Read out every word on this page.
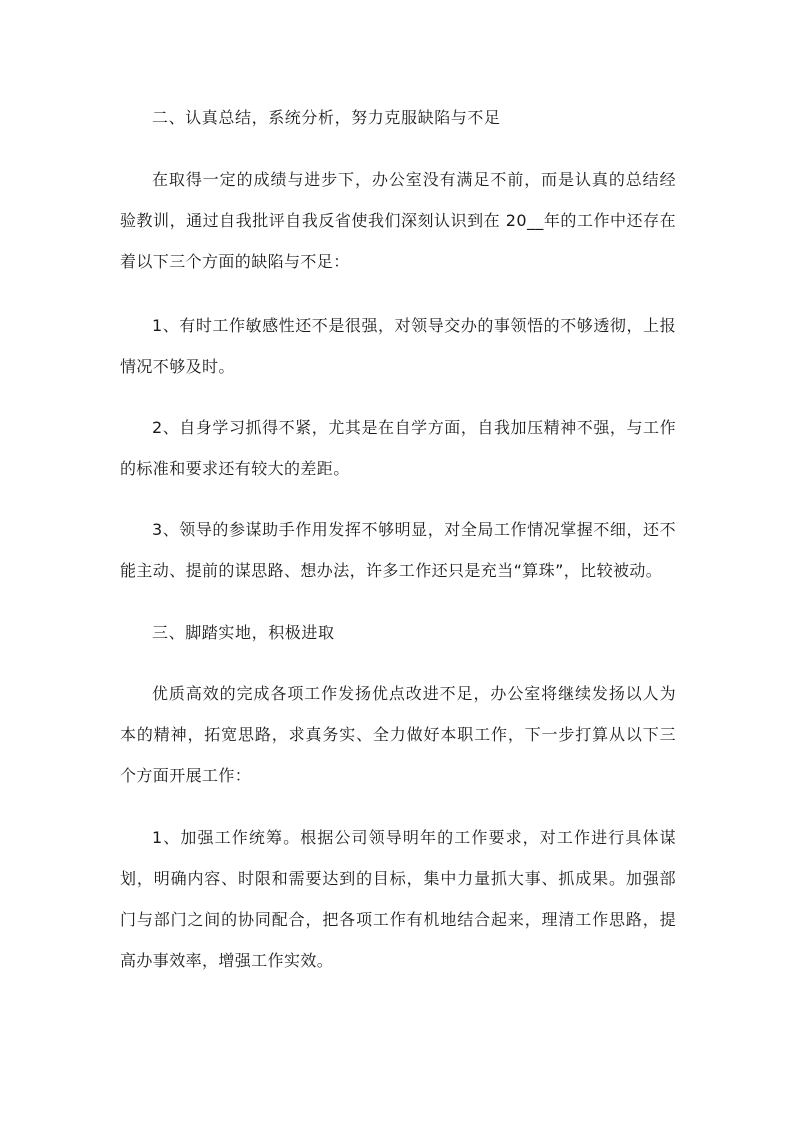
二、认真总结，系统分析，努力克服缺陷与不足

在取得一定的成绩与进步下，办公室没有满足不前，而是认真的总结经验教训，通过自我批评自我反省使我们深刻认识到在 20__年的工作中还存在着以下三个方面的缺陷与不足：

1、有时工作敏感性还不是很强，对领导交办的事领悟的不够透彻，上报情况不够及时。

2、自身学习抓得不紧，尤其是在自学方面，自我加压精神不强，与工作的标准和要求还有较大的差距。

3、领导的参谋助手作用发挥不够明显，对全局工作情况掌握不细，还不能主动、提前的谋思路、想办法，许多工作还只是充当“算珠”，比较被动。

三、脚踏实地，积极进取

优质高效的完成各项工作发扬优点改进不足，办公室将继续发扬以人为本的精神，拓宽思路，求真务实、全力做好本职工作，下一步打算从以下三个方面开展工作：

1、加强工作统筹。根据公司领导明年的工作要求，对工作进行具体谋划，明确内容、时限和需要达到的目标，集中力量抓大事、抓成果。加强部门与部门之间的协同配合，把各项工作有机地结合起来，理清工作思路，提高办事效率，增强工作实效。
